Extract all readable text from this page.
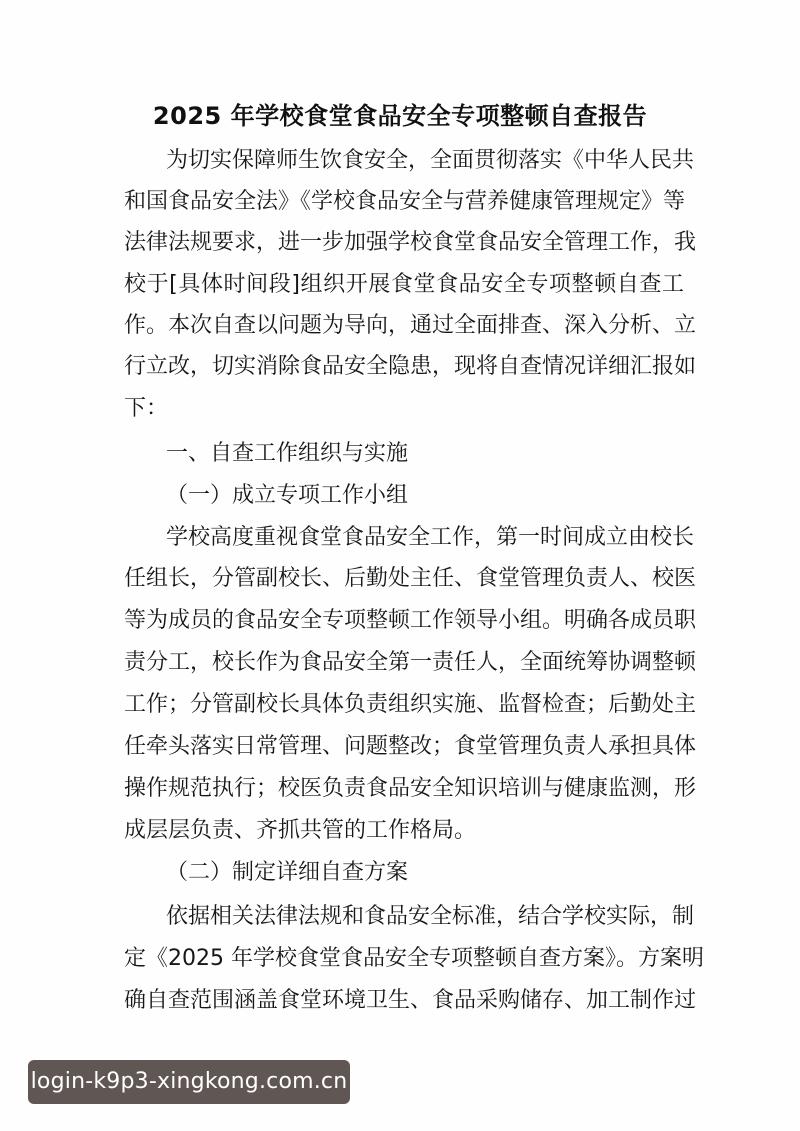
2025 年学校食堂食品安全专项整顿自查报告
为切实保障师生饮食安全，全面贯彻落实《中华人民共
和国食品安全法》《学校食品安全与营养健康管理规定》等
法律法规要求，进一步加强学校食堂食品安全管理工作，我
校于[具体时间段]组织开展食堂食品安全专项整顿自查工
作。本次自查以问题为导向，通过全面排查、深入分析、立
行立改，切实消除食品安全隐患，现将自查情况详细汇报如
下：
一、自查工作组织与实施
（一）成立专项工作小组
学校高度重视食堂食品安全工作，第一时间成立由校长
任组长，分管副校长、后勤处主任、食堂管理负责人、校医
等为成员的食品安全专项整顿工作领导小组。明确各成员职
责分工，校长作为食品安全第一责任人，全面统筹协调整顿
工作；分管副校长具体负责组织实施、监督检查；后勤处主
任牵头落实日常管理、问题整改；食堂管理负责人承担具体
操作规范执行；校医负责食品安全知识培训与健康监测，形
成层层负责、齐抓共管的工作格局。
（二）制定详细自查方案
依据相关法律法规和食品安全标准，结合学校实际，制
定《2025 年学校食堂食品安全专项整顿自查方案》。方案明
确自查范围涵盖食堂环境卫生、食品采购储存、加工制作过
login-k9p3-xingkong.com.cn
